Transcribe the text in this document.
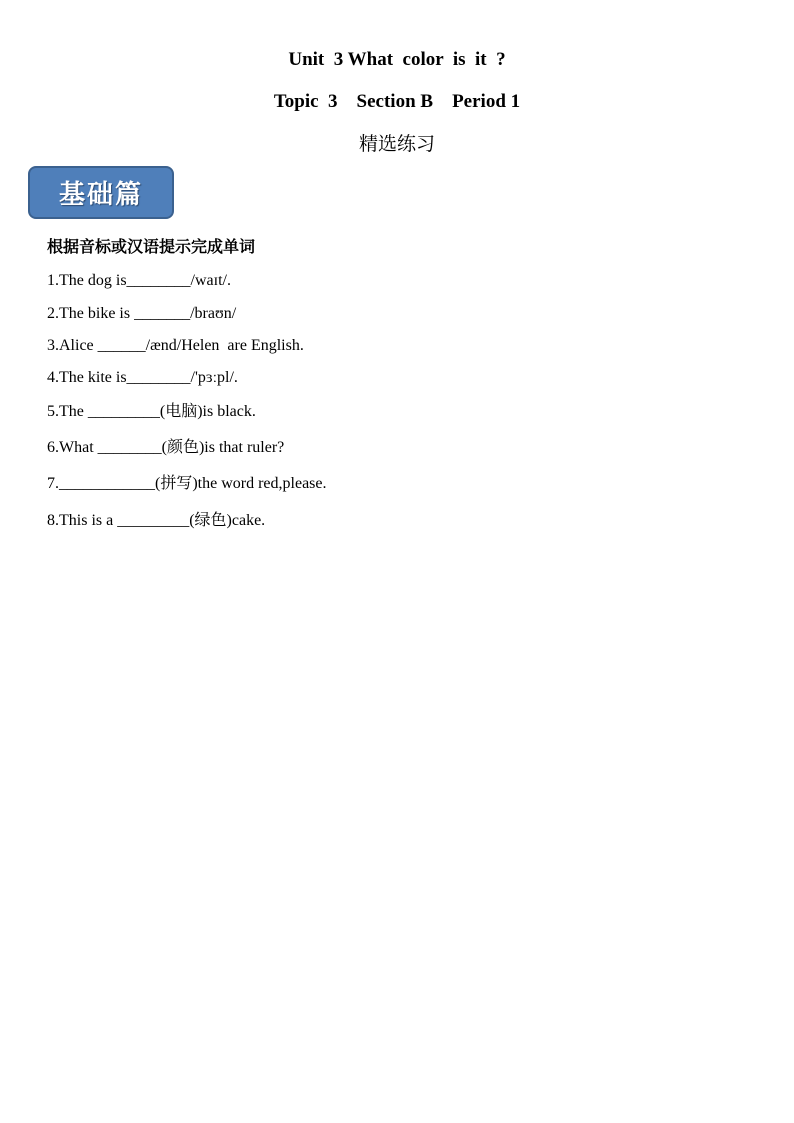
Unit  3 What  color  is  it  ?
Topic  3    Section B    Period 1
精选练习
基础篇
根据音标或汉语提示完成单词
1.The dog is________/waɪt/.
2.The bike is _______/braʊn/
3.Alice ______/ænd/Helen  are English.
4.The kite is________/'pɜːpl/.
5.The _________(电脑)is black.
6.What ________(颜色)is that ruler?
7.____________(拼写)the word red,please.
8.This is a _________(绿色)cake.
